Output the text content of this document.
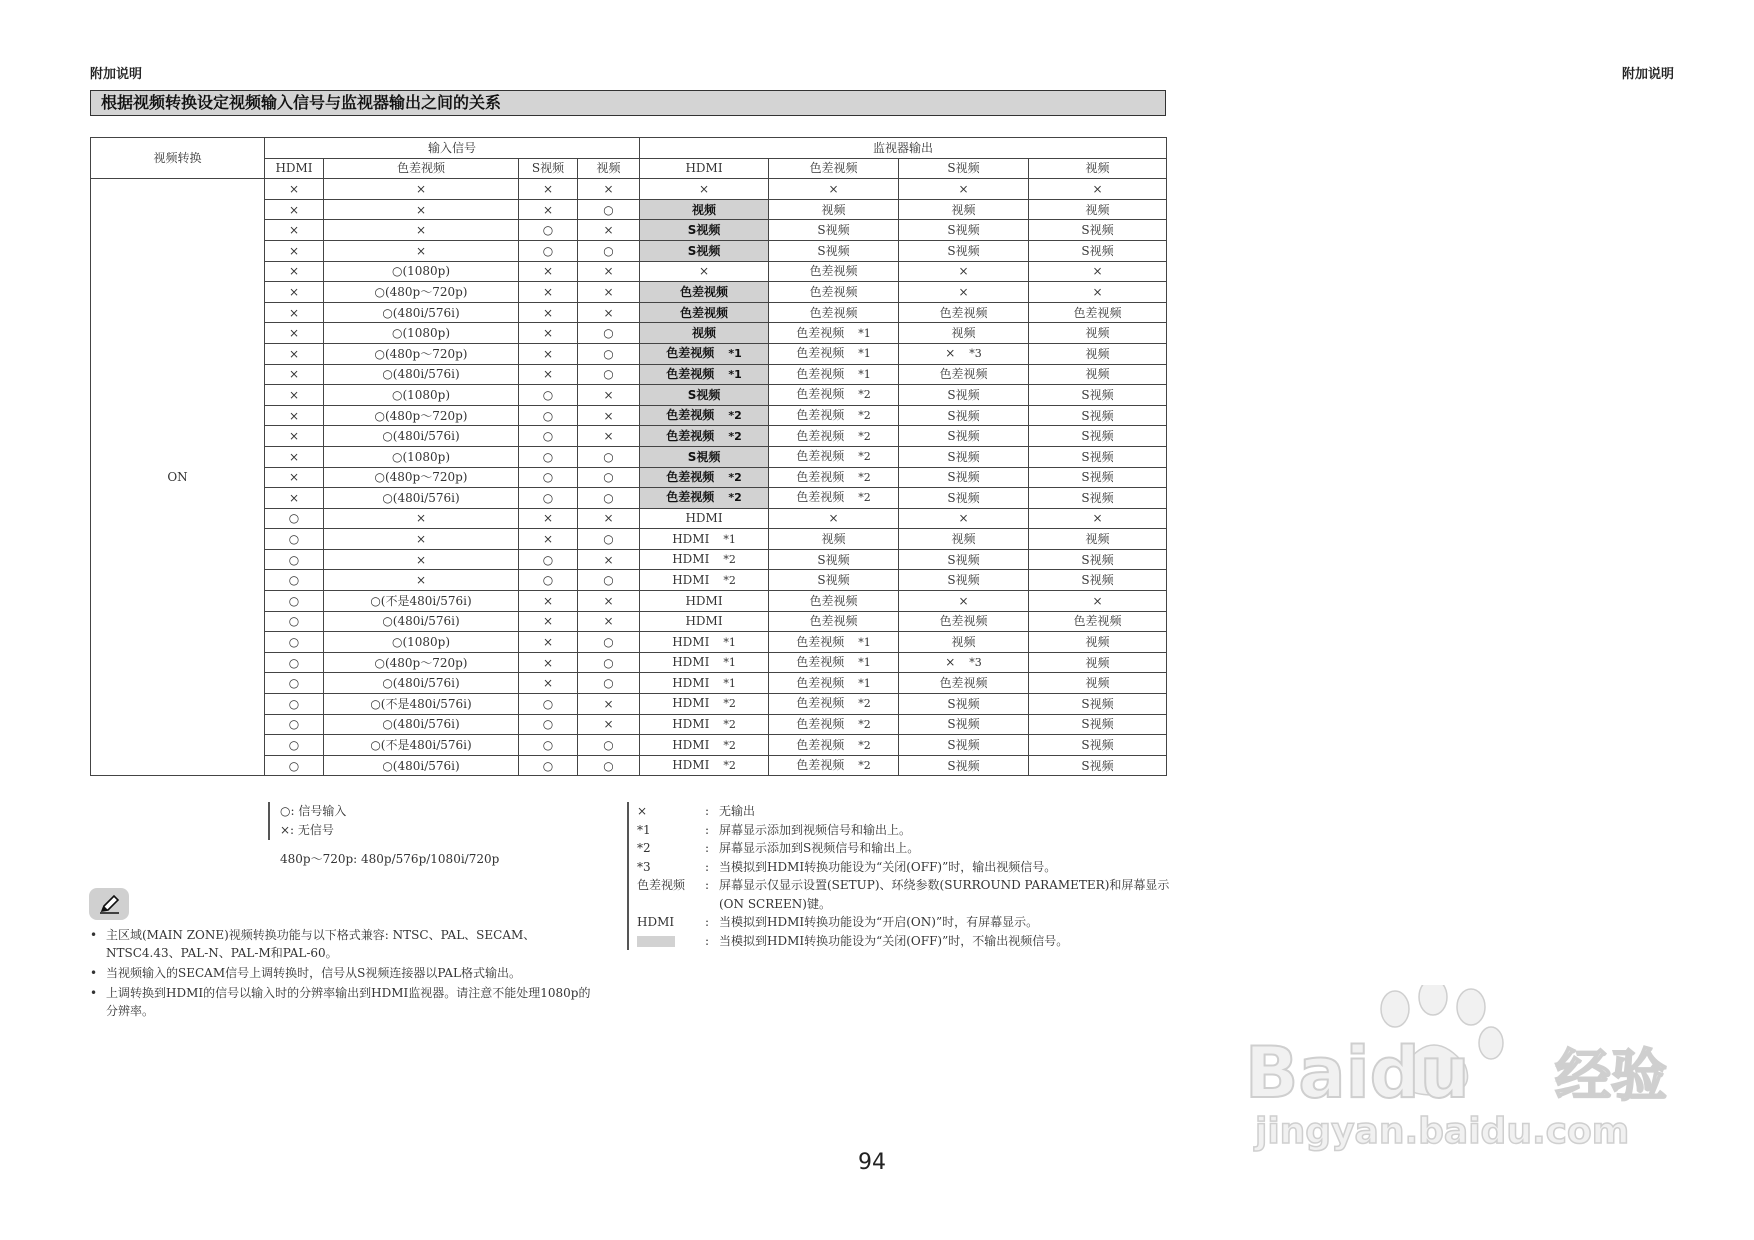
附加说明	附加说明
根据视频转换设定视频输入信号与监视器输出之间的关系
视频转换	输入信号				监视器输出			
	HDMI	色差视频	S视频	视频	HDMI	色差视频	S视频	视频
ON	×	×	×	×	×	×	×	×
	×	×	×	○	视频	视频	视频	视频
	×	×	○	×	S视频	S视频	S视频	S视频
	×	×	○	○	S视频	S视频	S视频	S视频
	×	○(1080p)	×	×	×	色差视频	×	×
	×	○(480p～720p)	×	×	色差视频	色差视频	×	×
	×	○(480i/576i)	×	×	色差视频	色差视频	色差视频	色差视频
	×	○(1080p)	×	○	视频	色差视频 *1	视频	视频
	×	○(480p～720p)	×	○	色差视频 *1	色差视频 *1	× *3	视频
	×	○(480i/576i)	×	○	色差视频 *1	色差视频 *1	色差视频	视频
	×	○(1080p)	○	×	S视频	色差视频 *2	S视频	S视频
	×	○(480p～720p)	○	×	色差视频 *2	色差视频 *2	S视频	S视频
	×	○(480i/576i)	○	×	色差视频 *2	色差视频 *2	S视频	S视频
	×	○(1080p)	○	○	S視频	色差视频 *2	S视频	S视频
	×	○(480p～720p)	○	○	色差视频 *2	色差视频 *2	S视频	S视频
	×	○(480i/576i)	○	○	色差视频 *2	色差视频 *2	S视频	S视频
	○	×	×	×	HDMI	×	×	×
	○	×	×	○	HDMI *1	视频	视频	视频
	○	×	○	×	HDMI *2	S视频	S视频	S视频
	○	×	○	○	HDMI *2	S视频	S视频	S视频
	○	○(不是480i/576i)	×	×	HDMI	色差视频	×	×
	○	○(480i/576i)	×	×	HDMI	色差视频	色差视频	色差视频
	○	○(1080p)	×	○	HDMI *1	色差视频 *1	视频	视频
	○	○(480p～720p)	×	○	HDMI *1	色差视频 *1	× *3	视频
	○	○(480i/576i)	×	○	HDMI *1	色差视频 *1	色差视频	视频
	○	○(不是480i/576i)	○	×	HDMI *2	色差视频 *2	S视频	S视频
	○	○(480i/576i)	○	×	HDMI *2	色差视频 *2	S视频	S视频
	○	○(不是480i/576i)	○	○	HDMI *2	色差视频 *2	S视频	S视频
	○	○(480i/576i)	○	○	HDMI *2	色差视频 *2	S视频	S视频
○: 信号输入
×: 无信号
480p～720p: 480p/576p/1080i/720p
• 主区域(MAIN ZONE)视频转换功能与以下格式兼容: NTSC、PAL、SECAM、NTSC4.43、PAL-N、PAL-M和PAL-60。
• 当视频输入的SECAM信号上调转换时，信号从S视频连接器以PAL格式输出。
• 上调转换到HDMI的信号以输入时的分辨率输出到HDMI监视器。请注意不能处理1080p的分辨率。
×	: 无输出
*1	: 屏幕显示添加到视频信号和输出上。
*2	: 屏幕显示添加到S视频信号和输出上。
*3	: 当模拟到HDMI转换功能设为“关闭(OFF)”时，输出视频信号。
色差视频	: 屏幕显示仅显示设置(SETUP)、环绕参数(SURROUND PARAMETER)和屏幕显示(ON SCREEN)键。
HDMI	: 当模拟到HDMI转换功能设为“开启(ON)”时，有屏幕显示。
: 当模拟到HDMI转换功能设为“关闭(OFF)”时，不输出视频信号。
94
Baidu 经验
jingyan.baidu.com
